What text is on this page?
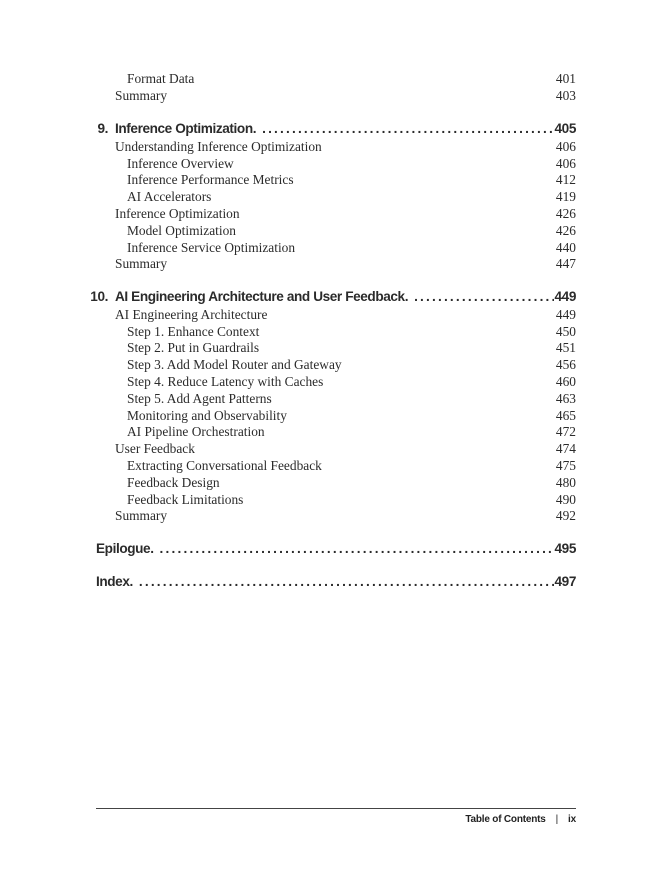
Format Data	401
Summary	403
9. Inference Optimization. .....	405
Understanding Inference Optimization	406
Inference Overview	406
Inference Performance Metrics	412
AI Accelerators	419
Inference Optimization	426
Model Optimization	426
Inference Service Optimization	440
Summary	447
10. AI Engineering Architecture and User Feedback. .....	449
AI Engineering Architecture	449
Step 1. Enhance Context	450
Step 2. Put in Guardrails	451
Step 3. Add Model Router and Gateway	456
Step 4. Reduce Latency with Caches	460
Step 5. Add Agent Patterns	463
Monitoring and Observability	465
AI Pipeline Orchestration	472
User Feedback	474
Extracting Conversational Feedback	475
Feedback Design	480
Feedback Limitations	490
Summary	492
Epilogue. .....	495
Index. .....	497
Table of Contents | ix
